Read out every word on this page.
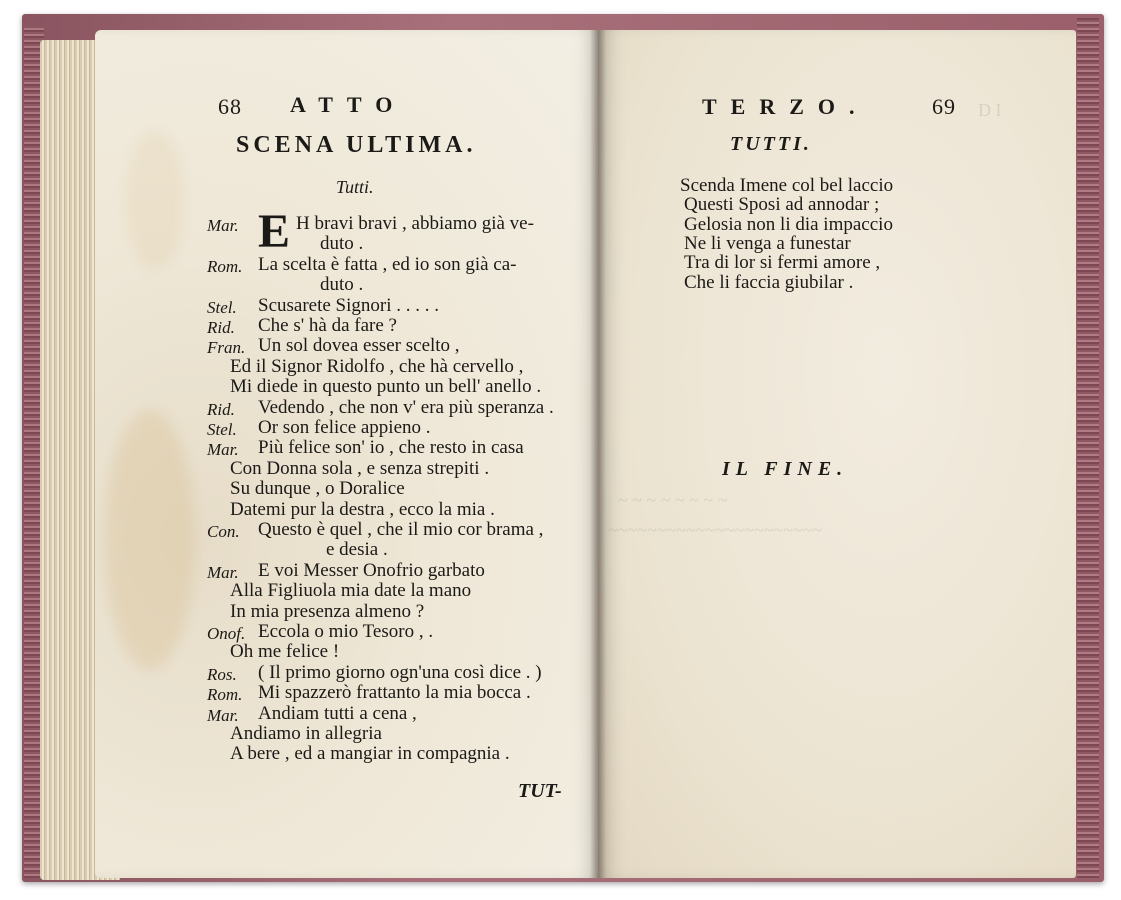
D I
~ ~ ~ ~ ~ ~ ~ ~
~~~~~~~~~~~~~~~~~~~~~~
68 ATTO
SCENA ULTIMA.
Tutti.
Mar. E H bravi bravi , abbiamo già ve-
duto .
Rom. La scelta è fatta , ed io son già ca-
duto .
Stel. Scusarete Signori . . . . .
Rid. Che s' hà da fare ?
Fran. Un sol dovea esser scelto ,
Ed il Signor Ridolfo , che hà cervello ,
Mi diede in questo punto un bell' anello .
Rid. Vedendo , che non v' era più speranza .
Stel. Or son felice appieno .
Mar. Più felice son' io , che resto in casa
Con Donna sola , e senza strepiti .
Su dunque , o Doralice
Datemi pur la destra , ecco la mia .
Con. Questo è quel , che il mio cor brama ,
e desia .
Mar. E voi Messer Onofrio garbato
Alla Figliuola mia date la mano
In mia presenza almeno ?
Onof. Eccola o mio Tesoro , .
Oh me felice !
Ros. ( Il primo giorno ogn'una così dice . )
Rom. Mi spazzerò frattanto la mia bocca .
Mar. Andiam tutti a cena ,
Andiamo in allegria
A bere , ed a mangiar in compagnia .
TUT-
TERZO.	69
TUTTI.
Scenda Imene col bel laccio
Questi Sposi ad annodar ;
Gelosia non li dia impaccio
Ne li venga a funestar
Tra di lor si fermi amore ,
Che li faccia giubilar .
IL FINE.
